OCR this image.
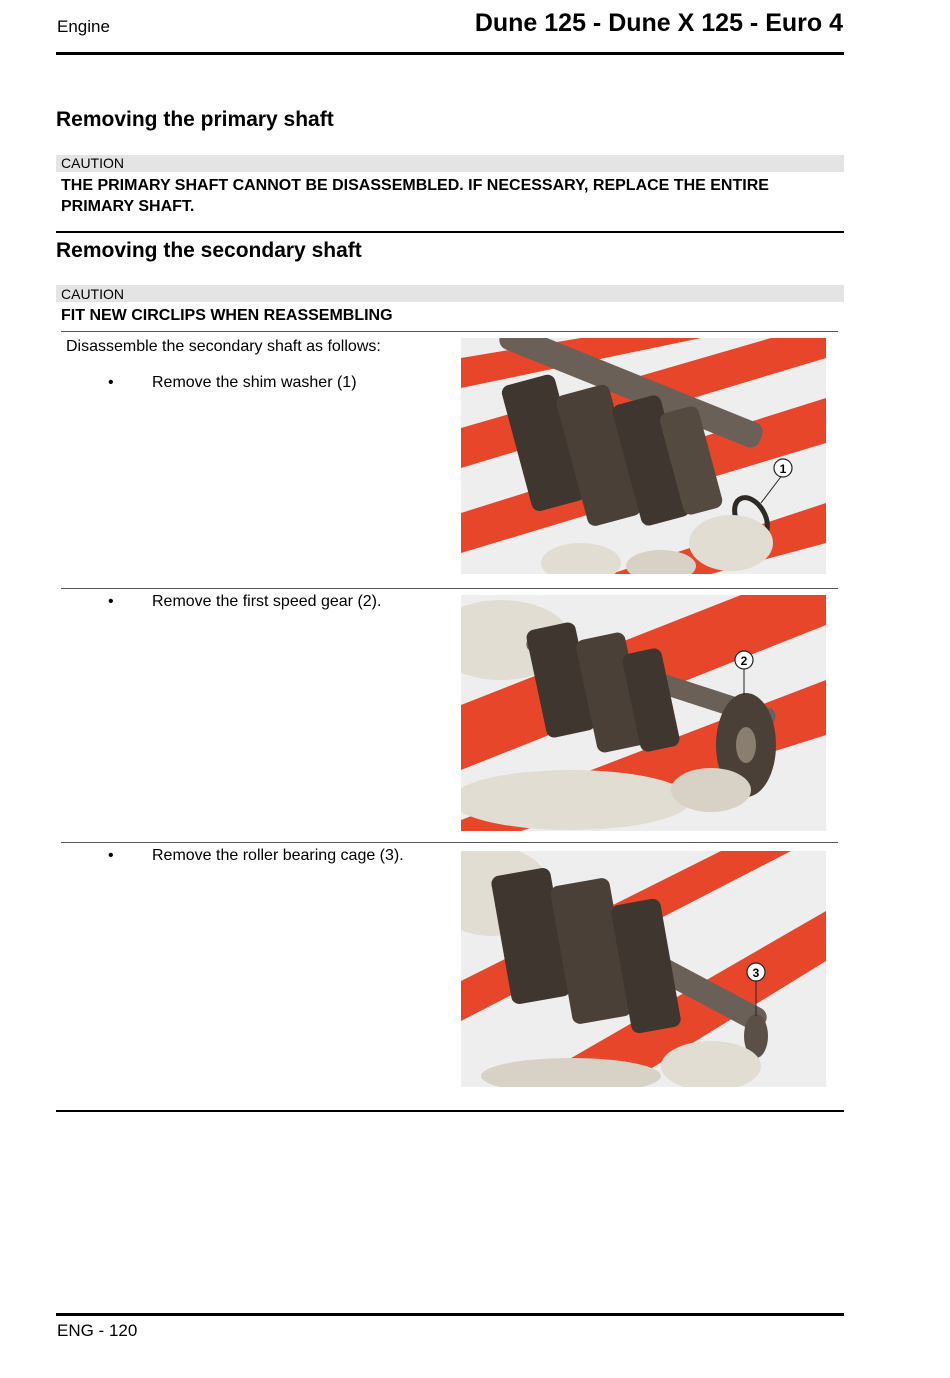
Engine	Dune 125 - Dune X 125 - Euro 4
Removing the primary shaft
CAUTION
THE PRIMARY SHAFT CANNOT BE DISASSEMBLED. IF NECESSARY, REPLACE THE ENTIRE PRIMARY SHAFT.
Removing the secondary shaft
CAUTION
FIT NEW CIRCLIPS WHEN REASSEMBLING
Disassemble the secondary shaft as follows:
• Remove the shim washer (1)
1
• Remove the first speed gear (2).
2
• Remove the roller bearing cage (3).
3
ENG - 120
